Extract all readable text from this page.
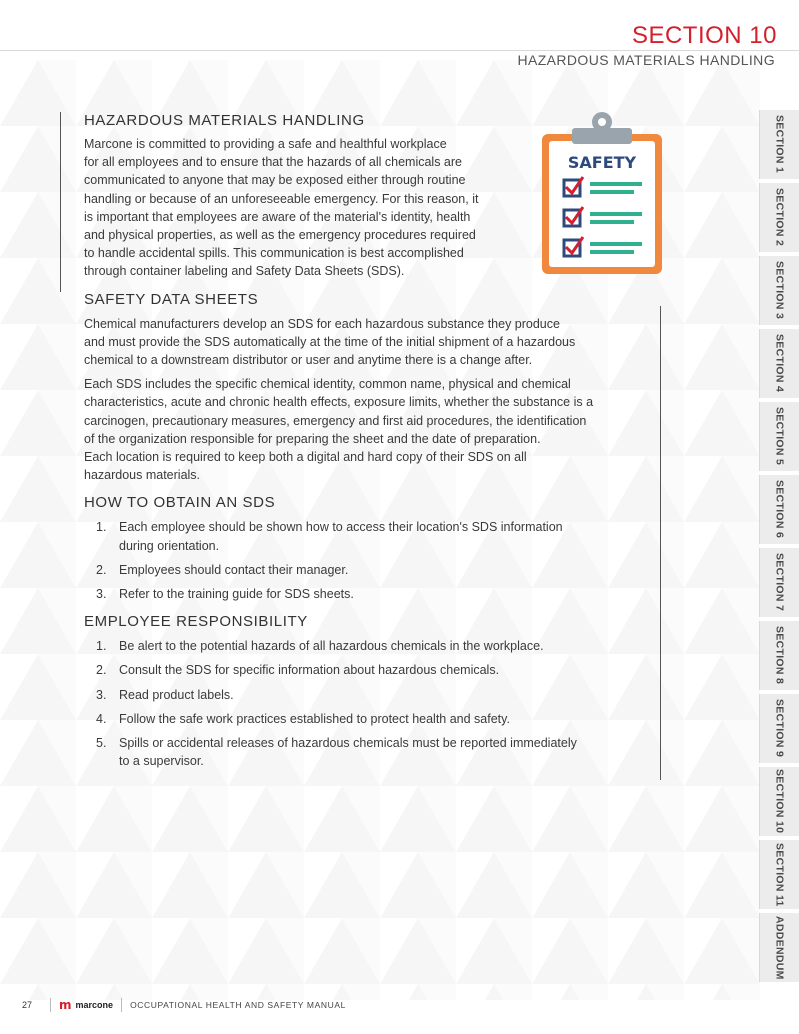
SECTION 10
HAZARDOUS MATERIALS HANDLING
HAZARDOUS MATERIALS HANDLING

Marcone is committed to providing a safe and healthful workplace
for all employees and to ensure that the hazards of all chemicals are
communicated to anyone that may be exposed either through routine
handling or because of an unforeseeable emergency. For this reason, it
is important that employees are aware of the material's identity, health
and physical properties, as well as the emergency procedures required
to handle accidental spills. This communication is best accomplished
through container labeling and Safety Data Sheets (SDS).

SAFETY DATA SHEETS

Chemical manufacturers develop an SDS for each hazardous substance they produce
and must provide the SDS automatically at the time of the initial shipment of a hazardous
chemical to a downstream distributor or user and anytime there is a change after.

Each SDS includes the specific chemical identity, common name, physical and chemical
characteristics, acute and chronic health effects, exposure limits, whether the substance is a
carcinogen, precautionary measures, emergency and first aid procedures, the identification
of the organization responsible for preparing the sheet and the date of preparation.
Each location is required to keep both a digital and hard copy of their SDS on all
hazardous materials.

HOW TO OBTAIN AN SDS
1.	Each employee should be shown how to access their location's SDS information
during orientation.
2.	Employees should contact their manager.
3.	Refer to the training guide for SDS sheets.
EMPLOYEE RESPONSIBILITY
1.	Be alert to the potential hazards of all hazardous chemicals in the workplace.
2.	Consult the SDS for specific information about hazardous chemicals.
3.	Read product labels.
4.	Follow the safe work practices established to protect health and safety.
5.	Spills or accidental releases of hazardous chemicals must be reported immediately
to a supervisor.
SAFETY	SECTION 1
SECTION 2
SECTION 3
SECTION 4
SECTION 5
SECTION 6
SECTION 7
SECTION 8
SECTION 9
SECTION 10
SECTION 11
ADDENDUM
27 m marcone OCCUPATIONAL HEALTH AND SAFETY MANUAL
